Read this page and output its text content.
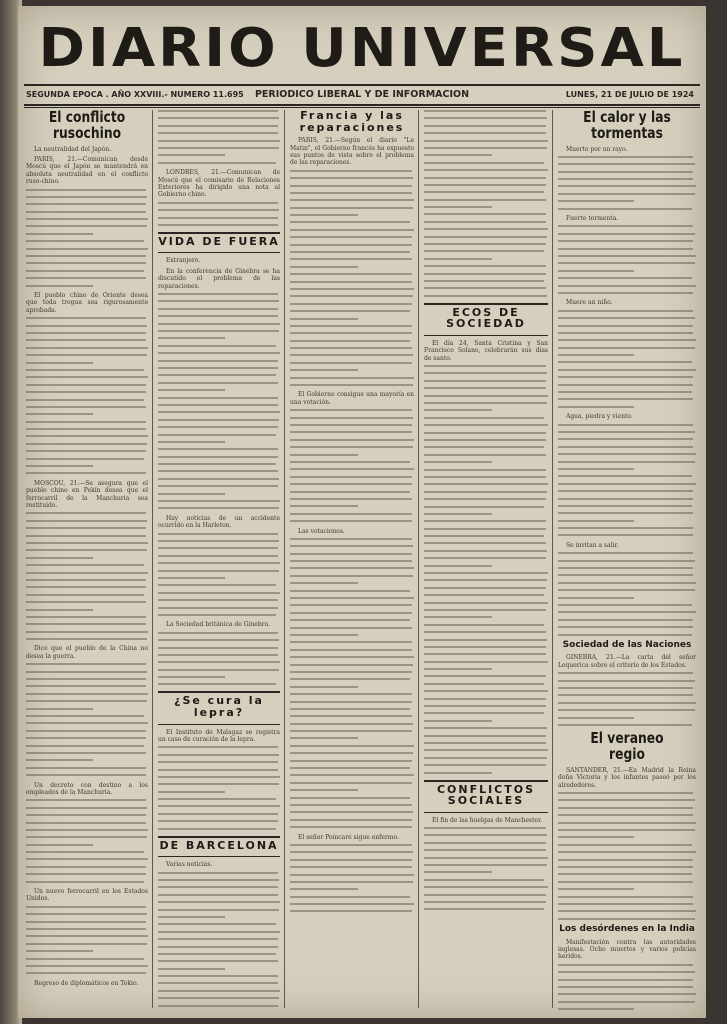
DIARIO UNIVERSAL
SEGUNDA EPOCA . AÑO XXVIII.- NUMERO 11.695	PERIODICO LIBERAL Y DE INFORMACION	LUNES, 21 DE JULIO DE 1924
El conflicto rusochino
La neutralidad del Japón.
PARIS, 21.—Comunican desde Moscú que el Japón se mantendrá en absoluta neutralidad en el conflicto ruso-chino.
El pueblo chino de Oriente desea que toda tregua sea rigurosamente aprobada.
MOSCOU, 21.—Se asegura que el pueblo chino en Pekín desea que el ferrocarril de la Manchuria sea restituido.
Dice que el pueblo de la China no desea la guerra.
Un decreto con destino a los empleados de la Manchuria.
Un nuevo ferrocarril en los Estados Unidos.
Regreso de diplomáticos en Tokio.
LONDRES, 21.—Comunican de Moscú que el comisario de Relaciones Exteriores ha dirigido una nota al Gobierno chino.
VIDA DE FUERA
Extranjero.
En la conferencia de Ginebra se ha discutido el problema de las reparaciones.
Hay noticias de un accidente ocurrido en la Harleton.
La Sociedad británica de Ginebra.
¿Se cura la lepra?
El Instituto de Malagaz se registra un caso de curación de la lepra.
DE BARCELONA
Varias noticias.
Francia y las reparaciones
PARIS, 21.—Según el diario "Le Matin", el Gobierno francés ha expuesto sus puntos de vista sobre el problema de las reparaciones.
El Gobierno consigue una mayoría en una votación.
Las votaciones.
El señor Poincaré sigue enfermo.
ECOS DE SOCIEDAD
El día 24, Santa Cristina y San Francisco Solano, celebrarán sus días de santo.
CONFLICTOS SOCIALES
El fin de las huelgas de Manchester.
El calor y las tormentas
Muerto por un rayo.
Fuerte tormenta.
Muere un niño.
Agua, piedra y viento.
Se invitan a salir.
Sociedad de las Naciones
GINEBRA, 21.—La carta del señor Lequerica sobre el criterio de los Estados.
El veraneo regio
SANTANDER, 21.—En Madrid la Reina doña Victoria y los infantes paseó por los alrededores.
Los desórdenes en la India
Manifestación contra las autoridades inglesas. Ocho muertos y varios policías heridos.
